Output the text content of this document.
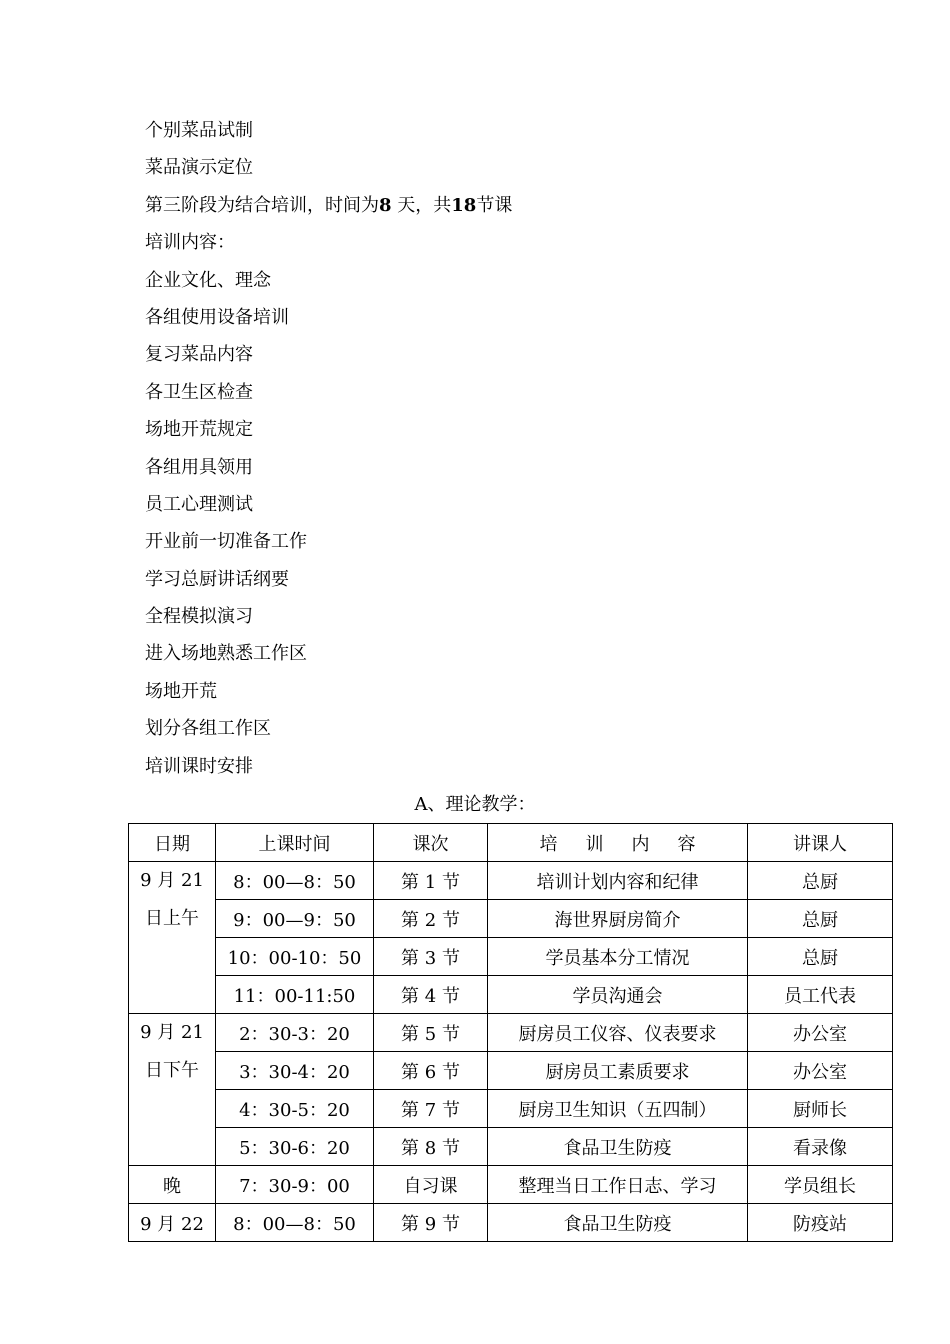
个别菜品试制
菜品演示定位
第三阶段为结合培训，时间为8 天，共18节课
培训内容：
企业文化、理念
各组使用设备培训
复习菜品内容
各卫生区检查
场地开荒规定
各组用具领用
员工心理测试
开业前一切准备工作
学习总厨讲话纲要
全程模拟演习
进入场地熟悉工作区
场地开荒
划分各组工作区
培训课时安排
A、理论教学：
日期	上课时间	课次	培训内容	讲课人

9 月 21
日上午	8：00—8：50	第 1 节	培训计划内容和纪律	总厨
	9：00—9：50	第 2 节	海世界厨房简介	总厨
	10：00-10：50	第 3 节	学员基本分工情况	总厨
	11：00-11:50	第 4 节	学员沟通会	员工代表

9 月 21
日下午	2：30-3：20	第 5 节	厨房员工仪容、仪表要求	办公室
	3：30-4：20	第 6 节	厨房员工素质要求	办公室
	4：30-5：20	第 7 节	厨房卫生知识（五四制）	厨师长
	5：30-6：20	第 8 节	食品卫生防疫	看录像
晚	7：30-9：00	自习课	整理当日工作日志、学习	学员组长
9 月 22	8：00—8：50	第 9 节	食品卫生防疫	防疫站
